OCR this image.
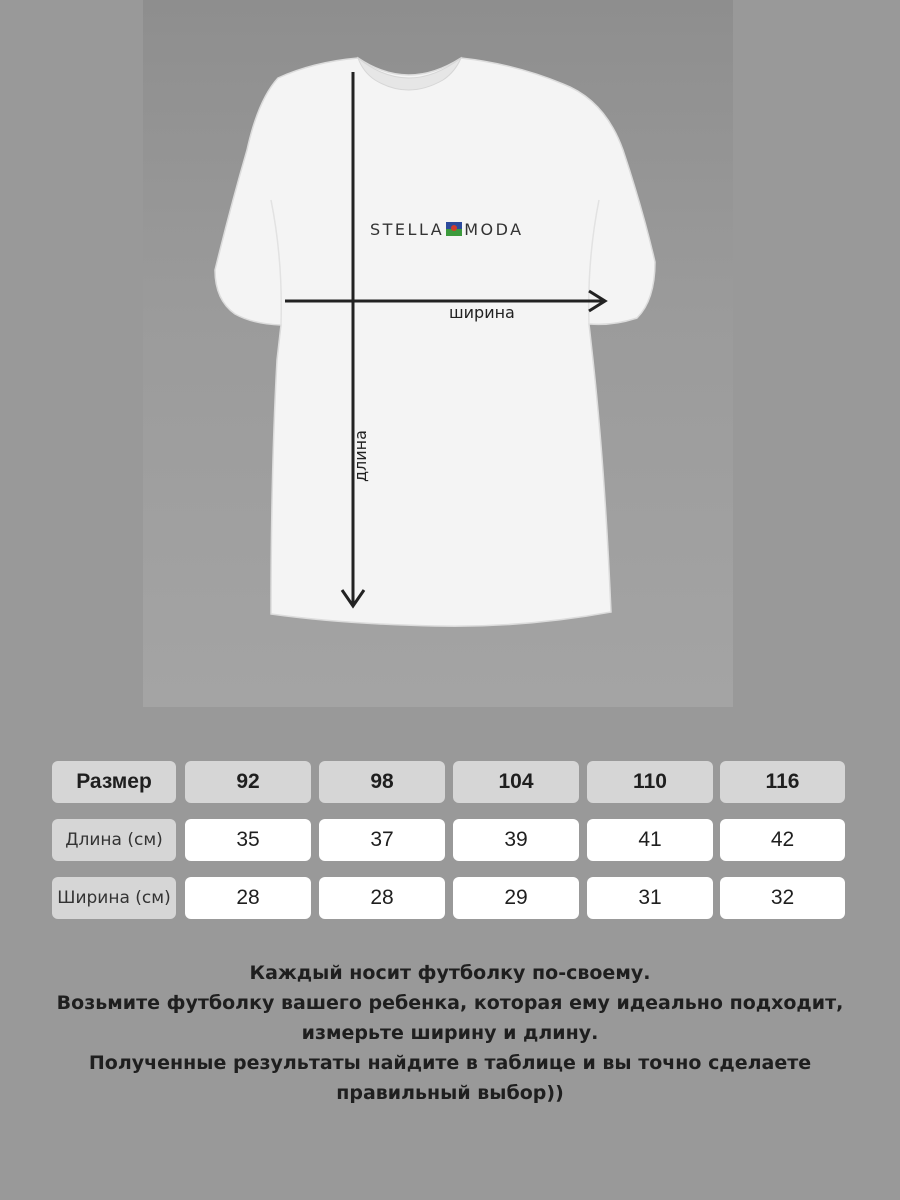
STELLA MODA
ширина
длина
Размер	92	98	104	110	116
Длина (см)	35	37	39	41	42
Ширина (см)	28	28	29	31	32
Каждый носит футболку по-своему.
Возьмите футболку вашего ребенка, которая ему идеально подходит,
измерьте ширину и длину.
Полученные результаты найдите в таблице и вы точно сделаете
правильный выбор))
